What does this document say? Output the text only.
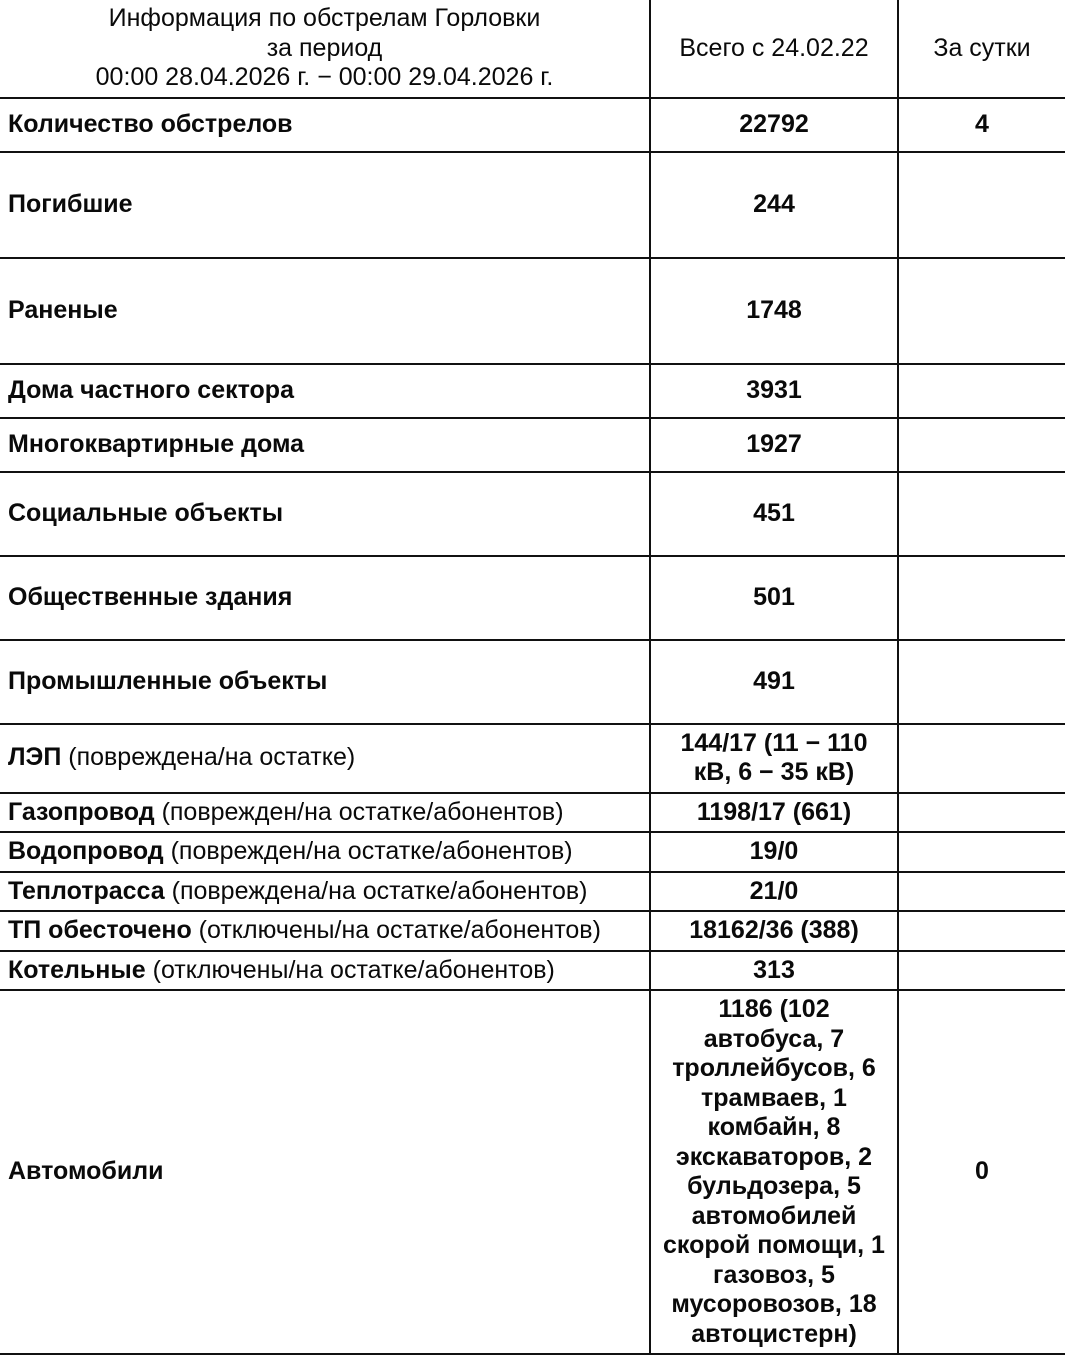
Информация по обстрелам Горловки
за период
00:00 28.04.2026 г. − 00:00 29.04.2026 г.	Всего с 24.02.22	За сутки
Количество обстрелов	22792	4
Погибшие	244	
Раненые	1748	
Дома частного сектора	3931	
Многоквартирные дома	1927	
Социальные объекты	451	
Общественные здания	501	
Промышленные объекты	491	
ЛЭП (повреждена/на остатке)	144/17 (11 − 110 кВ, 6 − 35 кВ)	
Газопровод (поврежден/на остатке/абонентов)	1198/17 (661)	
Водопровод (поврежден/на остатке/абонентов)	19/0	
Теплотрасса (повреждена/на остатке/абонентов)	21/0	
ТП обесточено (отключены/на остатке/абонентов)	18162/36 (388)	
Котельные (отключены/на остатке/абонентов)	313	
Автомобили	1186 (102 автобуса, 7 троллейбусов, 6 трамваев, 1 комбайн, 8 экскаваторов, 2 бульдозера, 5 автомобилей скорой помощи, 1 газовоз, 5 мусоровозов, 18 автоцистерн)	0
